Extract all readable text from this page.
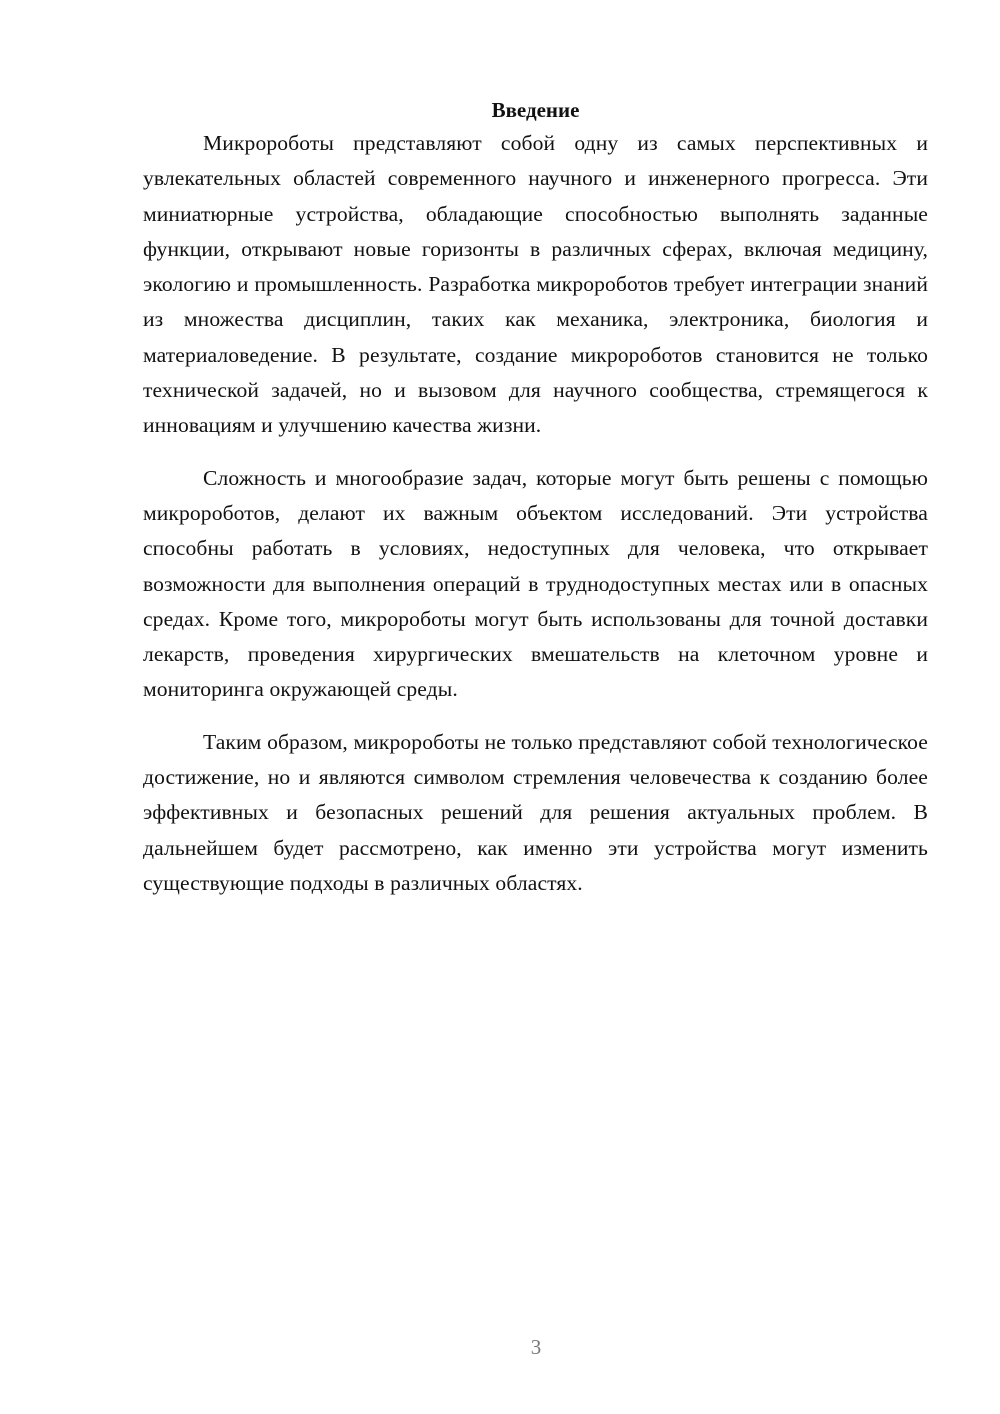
Введение

Микророботы представляют собой одну из самых перспективных и увлекательных областей современного научного и инженерного прогресса. Эти миниатюрные устройства, обладающие способностью выполнять заданные функции, открывают новые горизонты в различных сферах, включая медицину, экологию и промышленность. Разработка микророботов требует интеграции знаний из множества дисциплин, таких как механика, электроника, биология и материаловедение. В результате, создание микророботов становится не только технической задачей, но и вызовом для научного сообщества, стремящегося к инновациям и улучшению качества жизни.

Сложность и многообразие задач, которые могут быть решены с помощью микророботов, делают их важным объектом исследований. Эти устройства способны работать в условиях, недоступных для человека, что открывает возможности для выполнения операций в труднодоступных местах или в опасных средах. Кроме того, микророботы могут быть использованы для точной доставки лекарств, проведения хирургических вмешательств на клеточном уровне и мониторинга окружающей среды.

Таким образом, микророботы не только представляют собой технологическое достижение, но и являются символом стремления человечества к созданию более эффективных и безопасных решений для решения актуальных проблем. В дальнейшем будет рассмотрено, как именно эти устройства могут изменить существующие подходы в различных областях.

3
